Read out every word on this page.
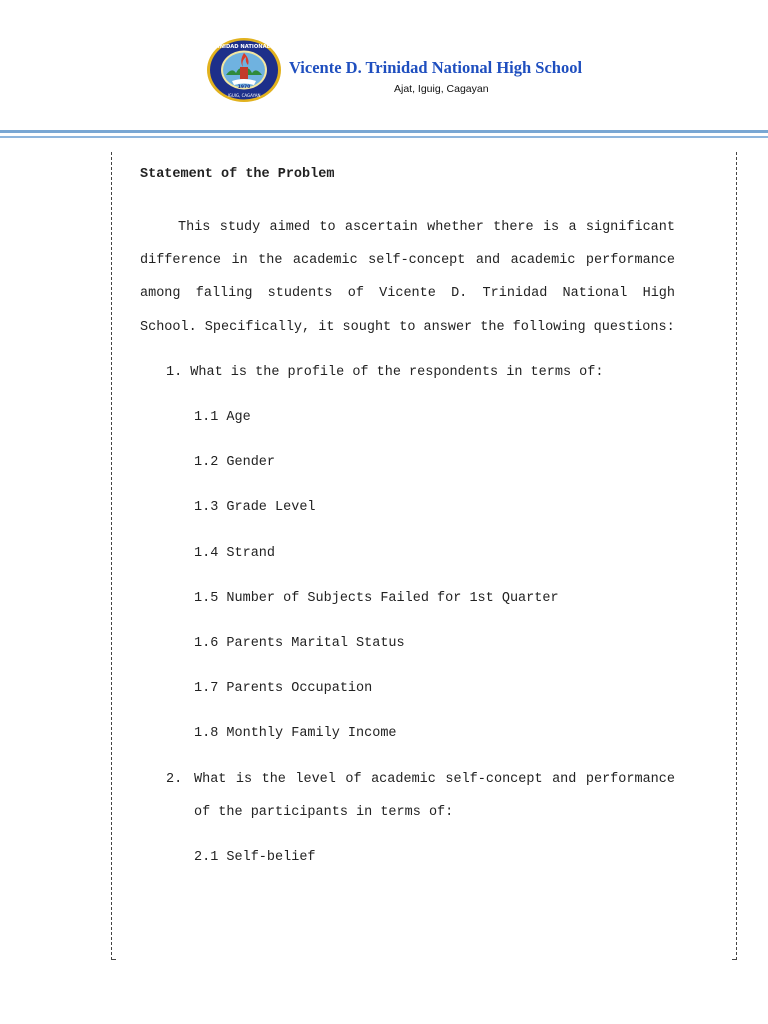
VICENTE D. TRINIDAD NATIONAL HIGH SCHOOL
1970
IGUIG, CAGAYAN
Vicente D. Trinidad National High School
Ajat, Iguig, Cagayan
Statement of the Problem

This study aimed to ascertain whether there is a significant difference in the academic self-concept and academic performance among falling students of Vicente D. Trinidad National High School. Specifically, it sought to answer the following questions:

1. What is the profile of the respondents in terms of:
1.1 Age
1.2 Gender
1.3 Grade Level
1.4 Strand
1.5 Number of Subjects Failed for 1st Quarter
1.6 Parents Marital Status
1.7 Parents Occupation
1.8 Monthly Family Income
2. What is the level of academic self-concept and performance of the participants in terms of:
2.1 Self-belief
